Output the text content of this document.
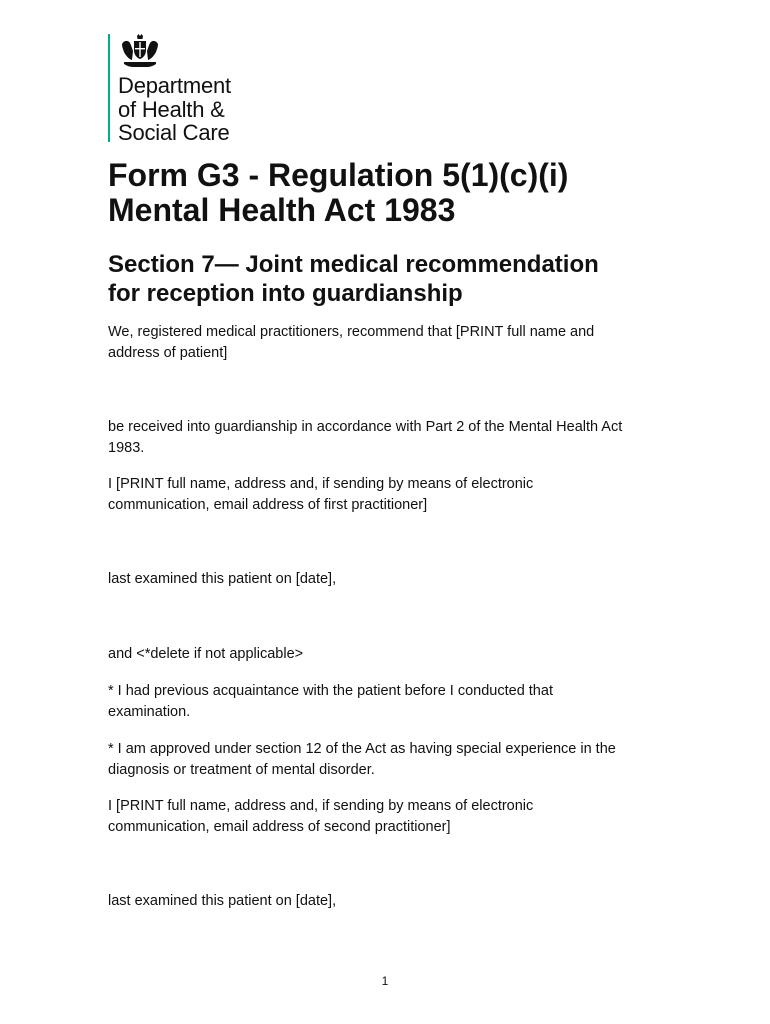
Department
of Health &
Social Care
Form G3 - Regulation 5(1)(c)(i)
Mental Health Act 1983
Section 7— Joint medical recommendation
for reception into guardianship

We, registered medical practitioners, recommend that [PRINT full name and
address of patient]

be received into guardianship in accordance with Part 2 of the Mental Health Act
1983.

I [PRINT full name, address and, if sending by means of electronic
communication, email address of first practitioner]

last examined this patient on [date],

and <*delete if not applicable>

* I had previous acquaintance with the patient before I conducted that
examination.

* I am approved under section 12 of the Act as having special experience in the
diagnosis or treatment of mental disorder.

I [PRINT full name, address and, if sending by means of electronic
communication, email address of second practitioner]

last examined this patient on [date],

1
